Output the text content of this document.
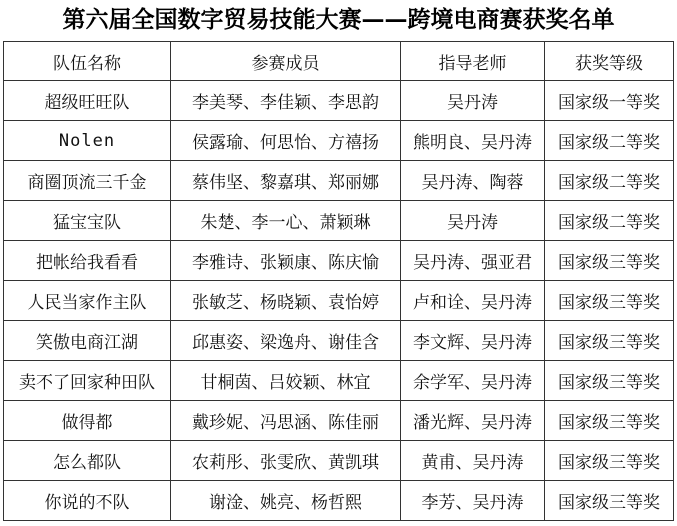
第六届全国数字贸易技能大赛——跨境电商赛获奖名单
队伍名称	参赛成员	指导老师	获奖等级
超级旺旺队	李美琴、李佳颖、李思韵	吴丹涛	国家级一等奖
Nolen	侯露瑜、何思怡、方禧扬	熊明良、吴丹涛	国家级二等奖
商圈顶流三千金	蔡伟坚、黎嘉琪、郑丽娜	吴丹涛、陶蓉	国家级二等奖
猛宝宝队	朱楚、李一心、萧颖琳	吴丹涛	国家级二等奖
把帐给我看看	李雅诗、张颖康、陈庆愉	吴丹涛、强亚君	国家级三等奖
人民当家作主队	张敏芝、杨晓颖、袁怡婷	卢和诠、吴丹涛	国家级三等奖
笑傲电商江湖	邱惠姿、梁逸舟、谢佳含	李文辉、吴丹涛	国家级三等奖
卖不了回家种田队	甘桐茵、吕姣颖、林宜	余学军、吴丹涛	国家级三等奖
做得都	戴珍妮、冯思涵、陈佳丽	潘光辉、吴丹涛	国家级三等奖
怎么都队	农莉彤、张雯欣、黄凯琪	黄甫、吴丹涛	国家级三等奖
你说的不队	谢淦、姚亮、杨哲熙	李芳、吴丹涛	国家级三等奖
